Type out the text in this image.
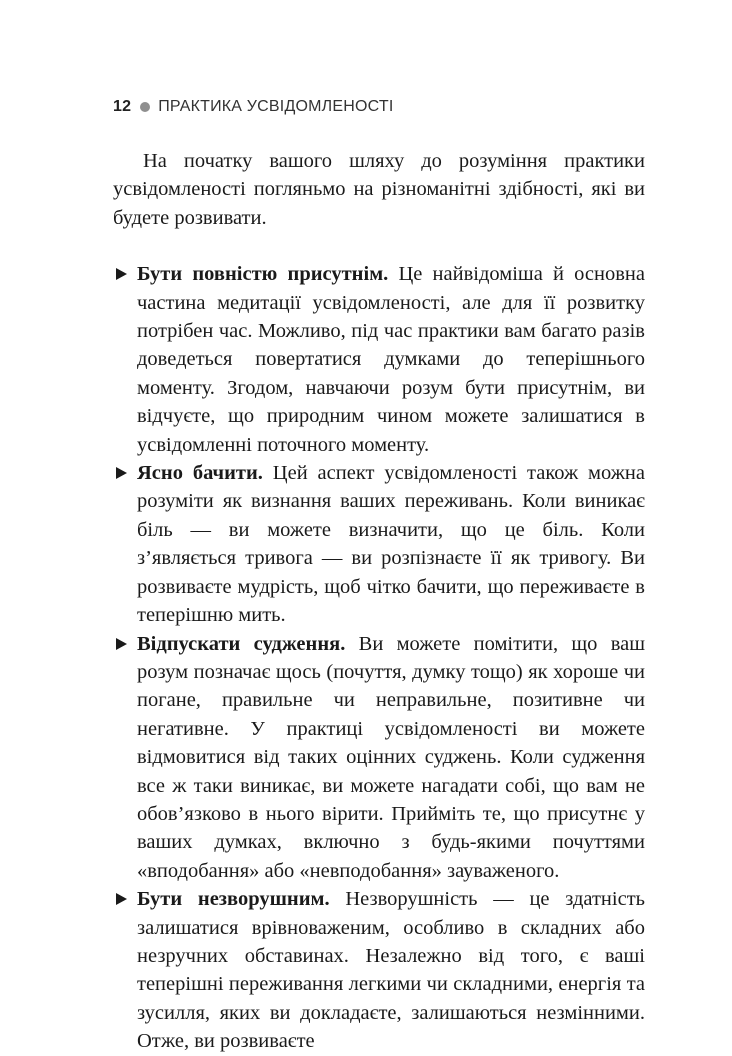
12 ПРАКТИКА УСВІДОМЛЕНОСТІ

На початку вашого шляху до розуміння практики усвідомленості погляньмо на різноманітні здібності, які ви будете розвивати.

Бути повністю присутнім. Це найвідоміша й основна частина медитації усвідомленості, але для її розвитку потрібен час. Можливо, під час практики вам багато разів доведеться повертатися думками до теперішнього моменту. Згодом, навчаючи розум бути присутнім, ви відчуєте, що природним чином можете залишатися в усвідомленні поточного моменту.
Ясно бачити. Цей аспект усвідомленості також можна розуміти як визнання ваших переживань. Коли виникає біль — ви можете визначити, що це біль. Коли з’являється тривога — ви розпізнаєте її як тривогу. Ви розвиваєте мудрість, щоб чітко бачити, що переживаєте в теперішню мить.
Відпускати судження. Ви можете помітити, що ваш розум позначає щось (почуття, думку тощо) як хороше чи погане, правильне чи неправильне, позитивне чи негативне. У практиці усвідомленості ви можете відмовитися від таких оцінних суджень. Коли судження все ж таки виникає, ви можете нагадати собі, що вам не обов’язково в нього вірити. Прийміть те, що присутнє у ваших думках, включно з будь-якими почуттями «вподобання» або «невподобання» зауваженого.
Бути незворушним. Незворушність — це здатність залишатися врівноваженим, особливо в складних або незручних обставинах. Незалежно від того, є ваші теперішні переживання легкими чи складними, енергія та зусилля, яких ви докладаєте, залишаються незмінними. Отже, ви розвиваєте
